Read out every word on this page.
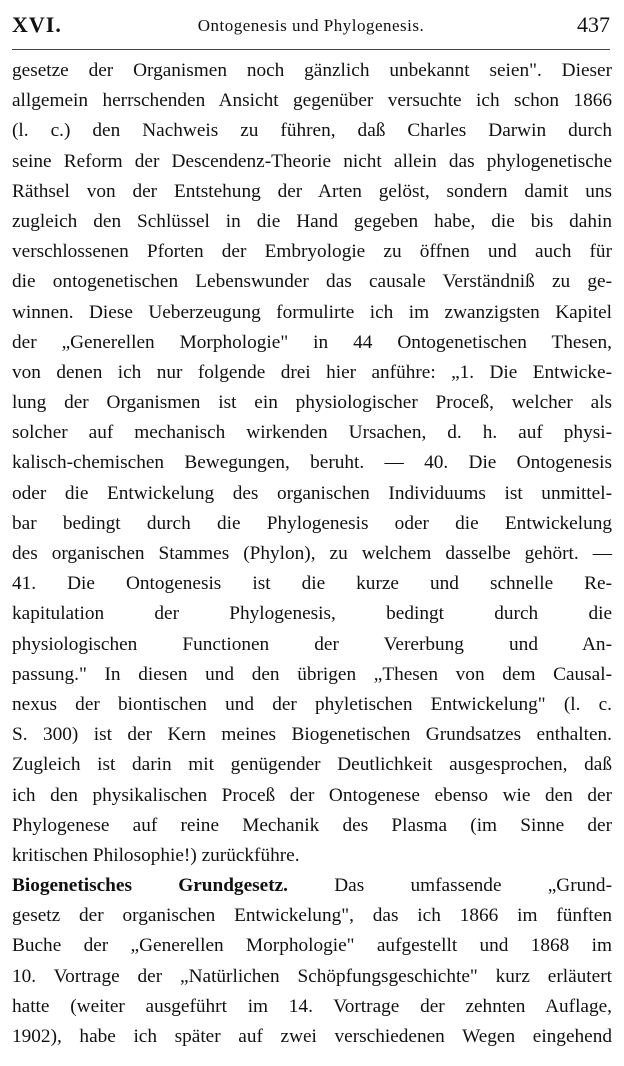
XVI.	Ontogenesis und Phylogenesis.	437
gesetze der Organismen noch gänzlich unbekannt seien". Dieser
allgemein herrschenden Ansicht gegenüber versuchte ich schon 1866
(l. c.) den Nachweis zu führen, daß Charles Darwin durch
seine Reform der Descendenz-Theorie nicht allein das phylogenetische
Räthsel von der Entstehung der Arten gelöst, sondern damit uns
zugleich den Schlüssel in die Hand gegeben habe, die bis dahin
verschlossenen Pforten der Embryologie zu öffnen und auch für
die ontogenetischen Lebenswunder das causale Verständniß zu ge-
winnen. Diese Ueberzeugung formulirte ich im zwanzigsten Kapitel
der „Generellen Morphologie" in 44 Ontogenetischen Thesen,
von denen ich nur folgende drei hier anführe: „1. Die Entwicke-
lung der Organismen ist ein physiologischer Proceß, welcher als
solcher auf mechanisch wirkenden Ursachen, d. h. auf physi-
kalisch-chemischen Bewegungen, beruht. — 40. Die Ontogenesis
oder die Entwickelung des organischen Individuums ist unmittel-
bar bedingt durch die Phylogenesis oder die Entwickelung
des organischen Stammes (Phylon), zu welchem dasselbe gehört. —
41. Die Ontogenesis ist die kurze und schnelle Re-
kapitulation der Phylogenesis, bedingt durch die
physiologischen Functionen der Vererbung und An-
passung." In diesen und den übrigen „Thesen von dem Causal-
nexus der biontischen und der phyletischen Entwickelung" (l. c.
S. 300) ist der Kern meines Biogenetischen Grundsatzes enthalten.
Zugleich ist darin mit genügender Deutlichkeit ausgesprochen, daß
ich den physikalischen Proceß der Ontogenese ebenso wie den der
Phylogenese auf reine Mechanik des Plasma (im Sinne der
kritischen Philosophie!) zurückführe.
Biogenetisches Grundgesetz. Das umfassende „Grund-
gesetz der organischen Entwickelung", das ich 1866 im fünften
Buche der „Generellen Morphologie" aufgestellt und 1868 im
10. Vortrage der „Natürlichen Schöpfungsgeschichte" kurz erläutert
hatte (weiter ausgeführt im 14. Vortrage der zehnten Auflage,
1902), habe ich später auf zwei verschiedenen Wegen eingehend
